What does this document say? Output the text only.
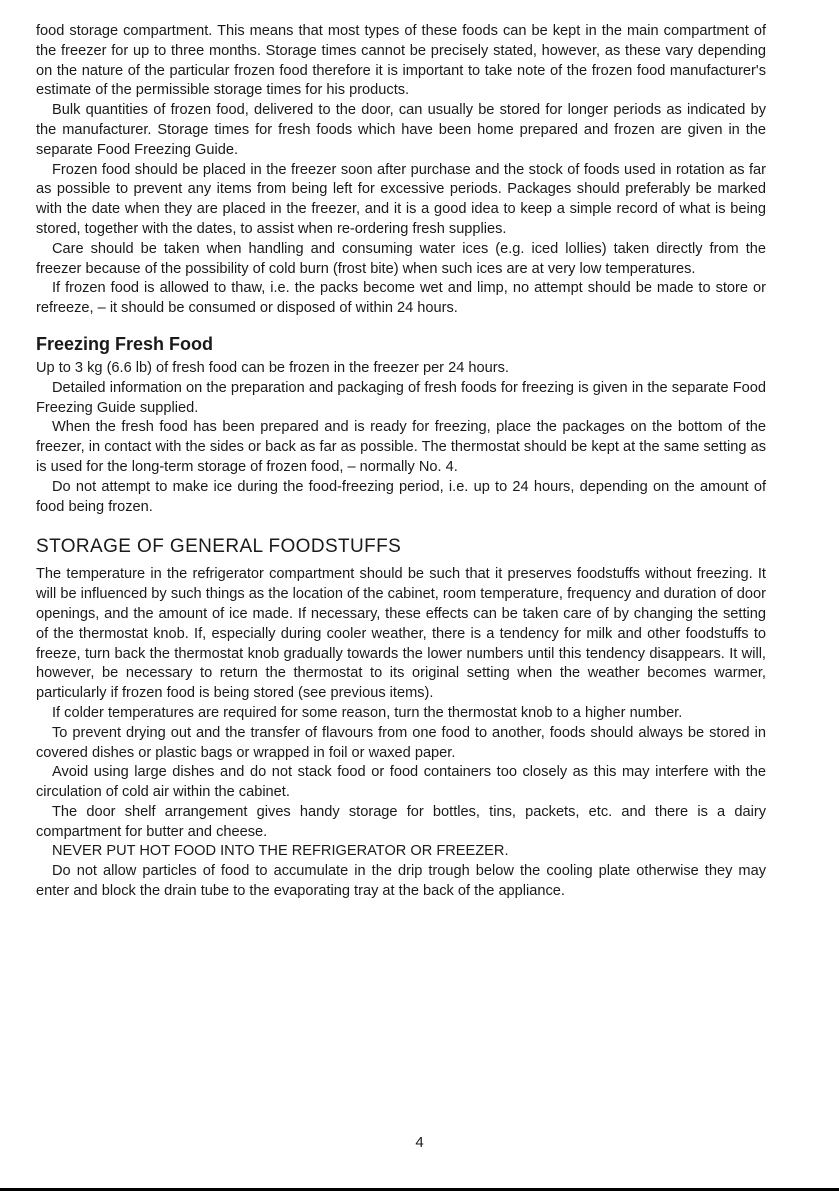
food storage compartment. This means that most types of these foods can be kept in the main compartment of the freezer for up to three months. Storage times cannot be precisely stated, however, as these vary depending on the nature of the particular frozen food therefore it is important to take note of the frozen food manufacturer's estimate of the permissible storage times for his products.

Bulk quantities of frozen food, delivered to the door, can usually be stored for longer periods as indicated by the manufacturer. Storage times for fresh foods which have been home prepared and frozen are given in the separate Food Freezing Guide.

Frozen food should be placed in the freezer soon after purchase and the stock of foods used in rotation as far as possible to prevent any items from being left for excessive periods. Packages should preferably be marked with the date when they are placed in the freezer, and it is a good idea to keep a simple record of what is being stored, together with the dates, to assist when re-ordering fresh supplies.

Care should be taken when handling and consuming water ices (e.g. iced lollies) taken directly from the freezer because of the possibility of cold burn (frost bite) when such ices are at very low temperatures.

If frozen food is allowed to thaw, i.e. the packs become wet and limp, no attempt should be made to store or refreeze, – it should be consumed or disposed of within 24 hours.

Freezing Fresh Food

Up to 3 kg (6.6 lb) of fresh food can be frozen in the freezer per 24 hours.

Detailed information on the preparation and packaging of fresh foods for freezing is given in the separate Food Freezing Guide supplied.

When the fresh food has been prepared and is ready for freezing, place the packages on the bottom of the freezer, in contact with the sides or back as far as possible. The thermostat should be kept at the same setting as is used for the long-term storage of frozen food, – normally No. 4.

Do not attempt to make ice during the food-freezing period, i.e. up to 24 hours, depending on the amount of food being frozen.

STORAGE OF GENERAL FOODSTUFFS

The temperature in the refrigerator compartment should be such that it preserves foodstuffs without freezing. It will be influenced by such things as the location of the cabinet, room temperature, frequency and duration of door openings, and the amount of ice made. If necessary, these effects can be taken care of by changing the setting of the thermostat knob. If, especially during cooler weather, there is a tendency for milk and other foodstuffs to freeze, turn back the thermostat knob gradually towards the lower numbers until this tendency disappears. It will, however, be necessary to return the thermostat to its original setting when the weather becomes warmer, particularly if frozen food is being stored (see previous items).

If colder temperatures are required for some reason, turn the thermostat knob to a higher number.

To prevent drying out and the transfer of flavours from one food to another, foods should always be stored in covered dishes or plastic bags or wrapped in foil or waxed paper.

Avoid using large dishes and do not stack food or food containers too closely as this may interfere with the circulation of cold air within the cabinet.

The door shelf arrangement gives handy storage for bottles, tins, packets, etc. and there is a dairy compartment for butter and cheese.

NEVER PUT HOT FOOD INTO THE REFRIGERATOR OR FREEZER.

Do not allow particles of food to accumulate in the drip trough below the cooling plate otherwise they may enter and block the drain tube to the evaporating tray at the back of the appliance.

4
